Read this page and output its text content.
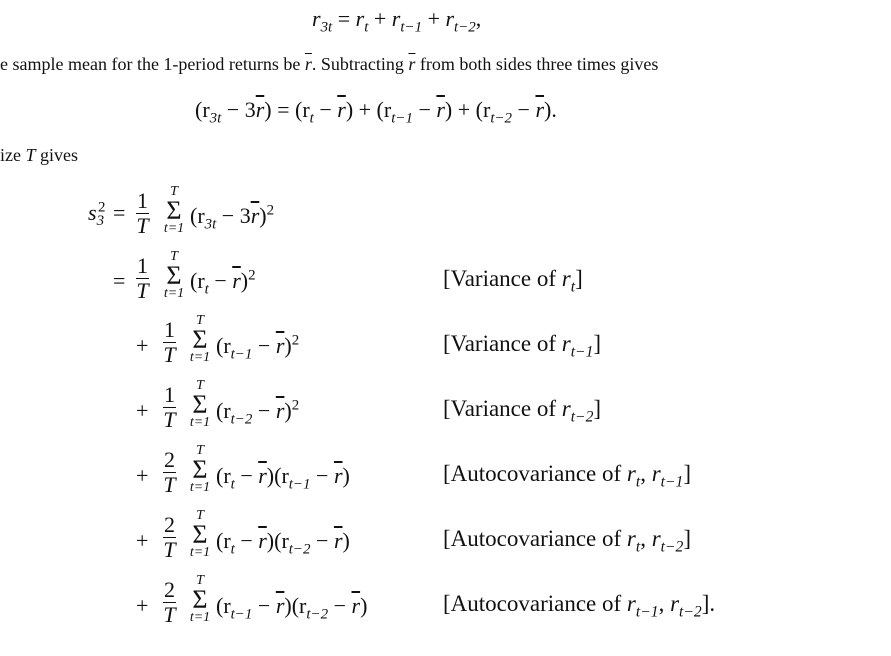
$r_{3t} = r_t + r_{t-1} + r_{t-2}$,
e sample mean for the 1-period returns be $\overline{r}$. Subtracting $\overline{r}$ from both sides three times gives
$(r_{3t} - 3\overline{r}) = (r_t - \overline{r}) + (r_{t-1} - \overline{r}) + (r_{t-2} - \overline{r})$.
ize T gives
$s_3^2 = \frac{1}{T}$	T
Σ
t=1
$(r_{3t} - 3\overline{r})^2$
= $\frac{1}{T}$	T
Σ
t=1
$(r_t - \overline{r})^2$	[Variance of $r_t$]
+ $\frac{1}{T}$	T
Σ
t=1 $(r_{t-1} - \overline{r})^2$	[Variance of $r_{t-1}$]
+ $\frac{1}{T}$	T
Σ
t=1 $(r_{t-2} - \overline{r})^2$	[Variance of $r_{t-2}$]
+ $\frac{2}{T}$	T
Σ
t=1 $(r_t - \overline{r})(r_{t-1} - \overline{r})$	[Autocovariance of $r_t$, $r_{t-1}$]
+ $\frac{2}{T}$	T
Σ
t=1 $(r_t - \overline{r})(r_{t-2} - \overline{r})$	[Autocovariance of $r_t$, $r_{t-2}$]
+ $\frac{2}{T}$	T
Σ
t=1 $(r_{t-1} - \overline{r})(r_{t-2} - \overline{r})$	[Autocovariance of $r_{t-1}$, $r_{t-2}$].
